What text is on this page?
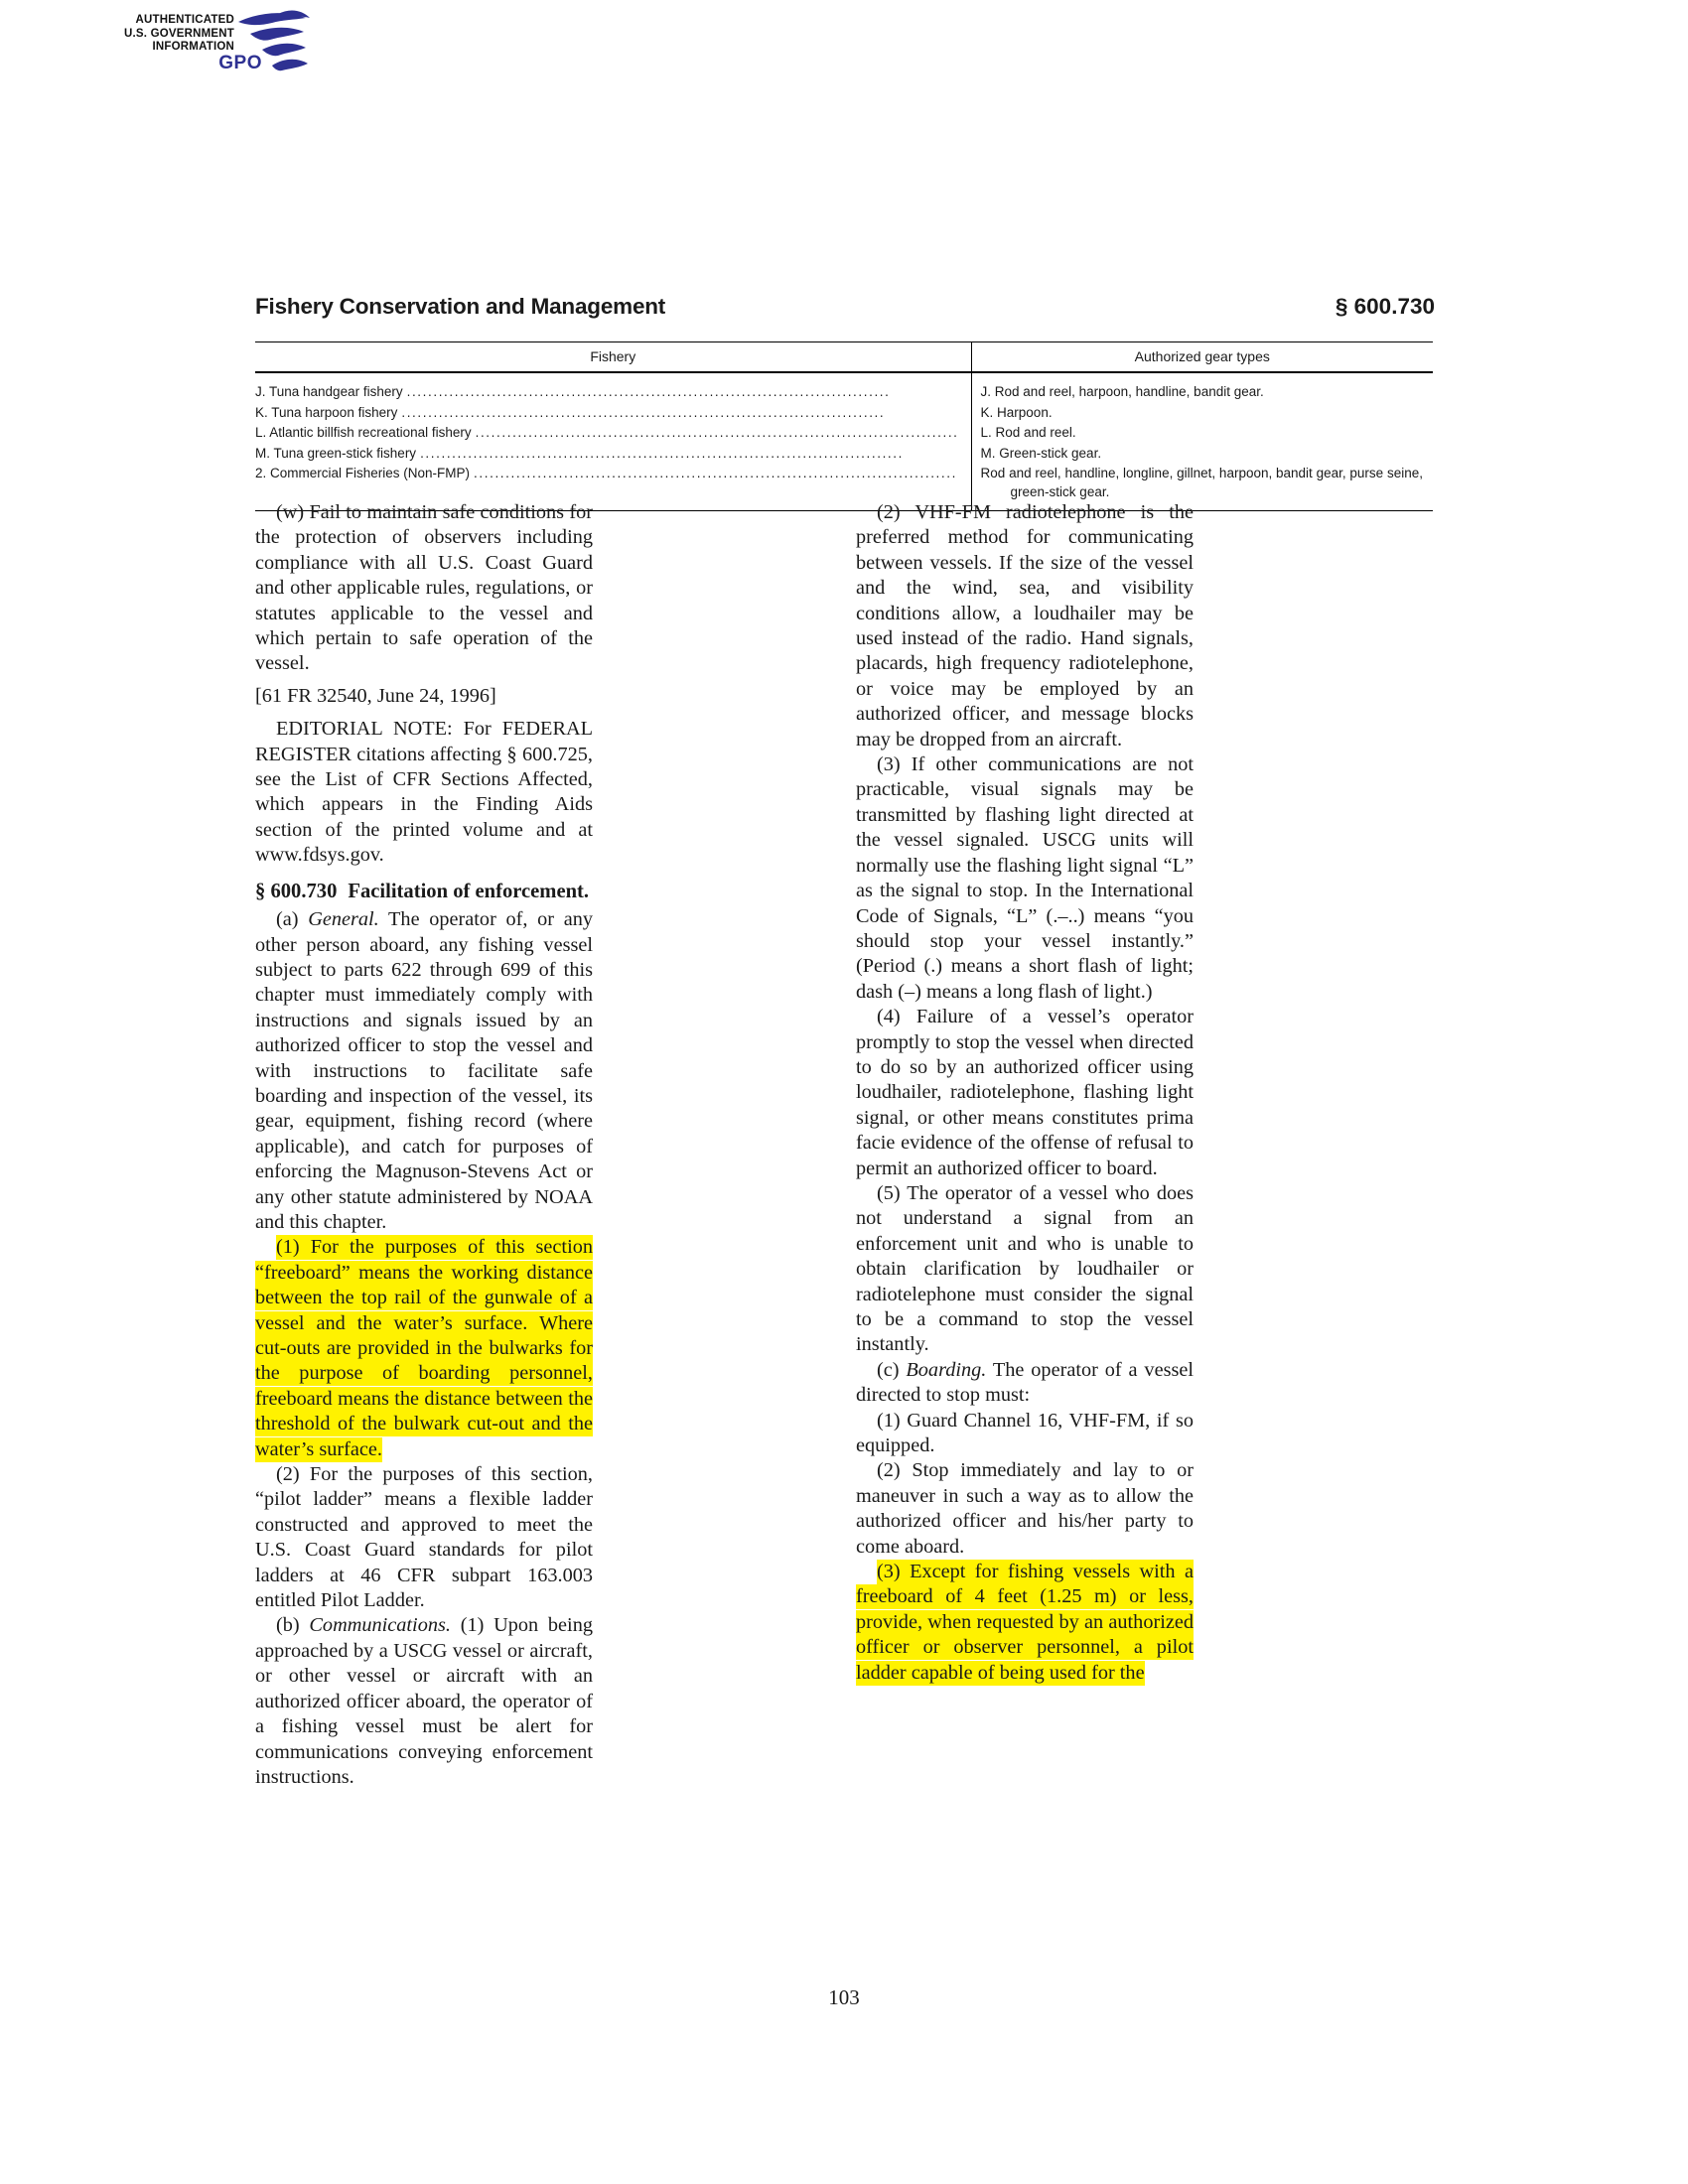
AUTHENTICATED
U.S. GOVERNMENT
INFORMATION
GPO
Fishery Conservation and Management	§ 600.730
Fishery	Authorized gear types

J. Tuna handgear fishery ...........................................................................................	J. Rod and reel, harpoon, handline, bandit gear.

K. Tuna harpoon fishery ...........................................................................................	K. Harpoon.

L. Atlantic billfish recreational fishery ...........................................................................................	L. Rod and reel.

M. Tuna green-stick fishery ...........................................................................................	M. Green-stick gear.

2. Commercial Fisheries (Non-FMP) ...........................................................................................	Rod and reel, handline, longline, gillnet, harpoon, bandit gear, purse seine, green-stick gear.

(w) Fail to maintain safe conditions for the protection of observers including compliance with all U.S. Coast Guard and other applicable rules, regulations, or statutes applicable to the vessel and which pertain to safe operation of the vessel.

[61 FR 32540, June 24, 1996]

EDITORIAL NOTE: For FEDERAL REGISTER citations affecting § 600.725, see the List of CFR Sections Affected, which appears in the Finding Aids section of the printed volume and at www.fdsys.gov.

§ 600.730 Facilitation of enforcement.

(a) General. The operator of, or any other person aboard, any fishing vessel subject to parts 622 through 699 of this chapter must immediately comply with instructions and signals issued by an authorized officer to stop the vessel and with instructions to facilitate safe boarding and inspection of the vessel, its gear, equipment, fishing record (where applicable), and catch for purposes of enforcing the Magnuson-Stevens Act or any other statute administered by NOAA and this chapter.

(1) For the purposes of this section “freeboard” means the working distance between the top rail of the gunwale of a vessel and the water’s surface. Where cut-outs are provided in the bulwarks for the purpose of boarding personnel, freeboard means the distance between the threshold of the bulwark cut-out and the water’s surface.

(2) For the purposes of this section, “pilot ladder” means a flexible ladder constructed and approved to meet the U.S. Coast Guard standards for pilot ladders at 46 CFR subpart 163.003 entitled Pilot Ladder.

(b) Communications. (1) Upon being approached by a USCG vessel or aircraft, or other vessel or aircraft with an authorized officer aboard, the operator of a fishing vessel must be alert for communications conveying enforcement instructions.

(2) VHF-FM radiotelephone is the preferred method for communicating between vessels. If the size of the vessel and the wind, sea, and visibility conditions allow, a loudhailer may be used instead of the radio. Hand signals, placards, high frequency radiotelephone, or voice may be employed by an authorized officer, and message blocks may be dropped from an aircraft.

(3) If other communications are not practicable, visual signals may be transmitted by flashing light directed at the vessel signaled. USCG units will normally use the flashing light signal “L” as the signal to stop. In the International Code of Signals, “L” (.–..) means “you should stop your vessel instantly.” (Period (.) means a short flash of light; dash (–) means a long flash of light.)

(4) Failure of a vessel’s operator promptly to stop the vessel when directed to do so by an authorized officer using loudhailer, radiotelephone, flashing light signal, or other means constitutes prima facie evidence of the offense of refusal to permit an authorized officer to board.

(5) The operator of a vessel who does not understand a signal from an enforcement unit and who is unable to obtain clarification by loudhailer or radiotelephone must consider the signal to be a command to stop the vessel instantly.

(c) Boarding. The operator of a vessel directed to stop must:

(1) Guard Channel 16, VHF-FM, if so equipped.

(2) Stop immediately and lay to or maneuver in such a way as to allow the authorized officer and his/her party to come aboard.

(3) Except for fishing vessels with a freeboard of 4 feet (1.25 m) or less, provide, when requested by an authorized officer or observer personnel, a pilot ladder capable of being used for the

103
